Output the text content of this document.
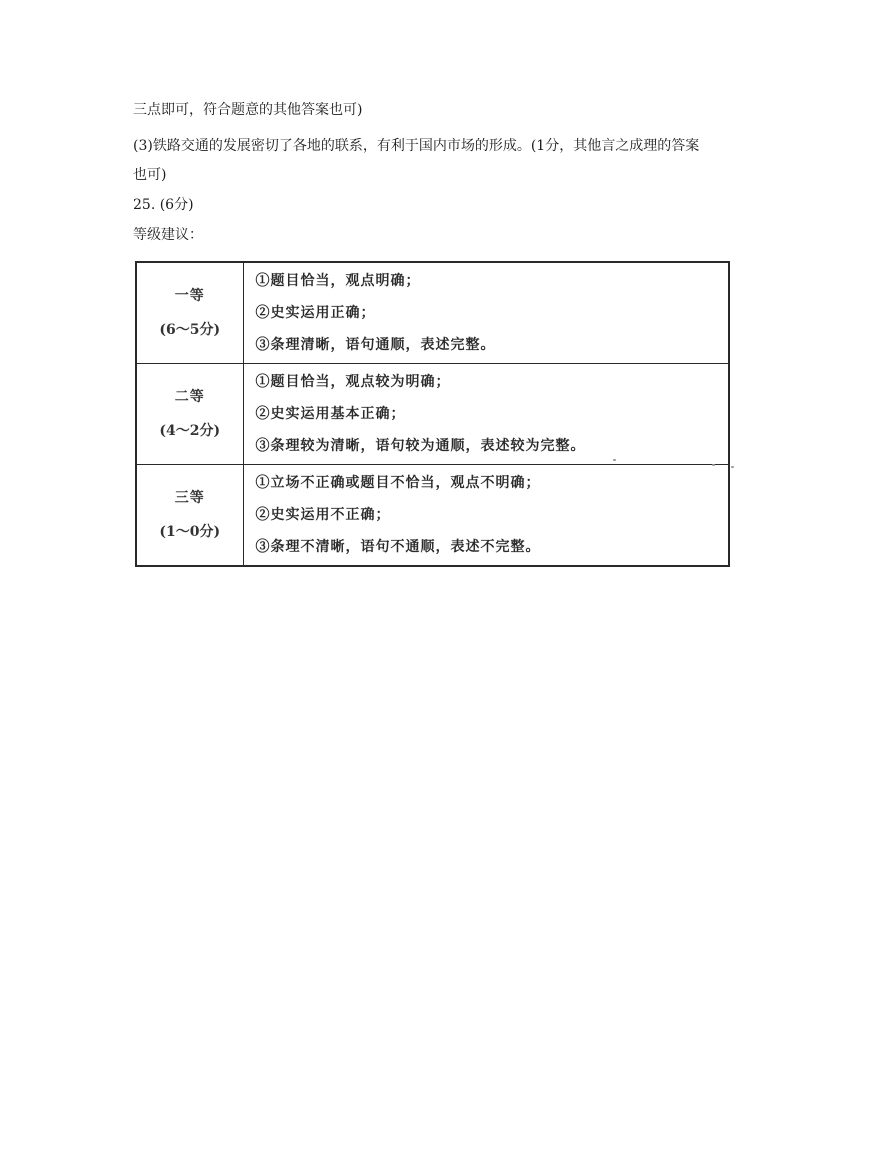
三点即可，符合题意的其他答案也可)

(3)铁路交通的发展密切了各地的联系，有利于国内市场的形成。(1分，其他言之成理的答案

也可)

25. (6分)

等级建议：

一等
(6～5分)	①题目恰当，观点明确；
②史实运用正确；
③条理清晰，语句通顺，表述完整。

二等
(4～2分)	①题目恰当，观点较为明确；
②史实运用基本正确；
③条理较为清晰，语句较为通顺，表述较为完整。

三等
(1～0分)	①立场不正确或题目不恰当，观点不明确；
②史实运用不正确；
③条理不清晰，语句不通顺，表述不完整。
